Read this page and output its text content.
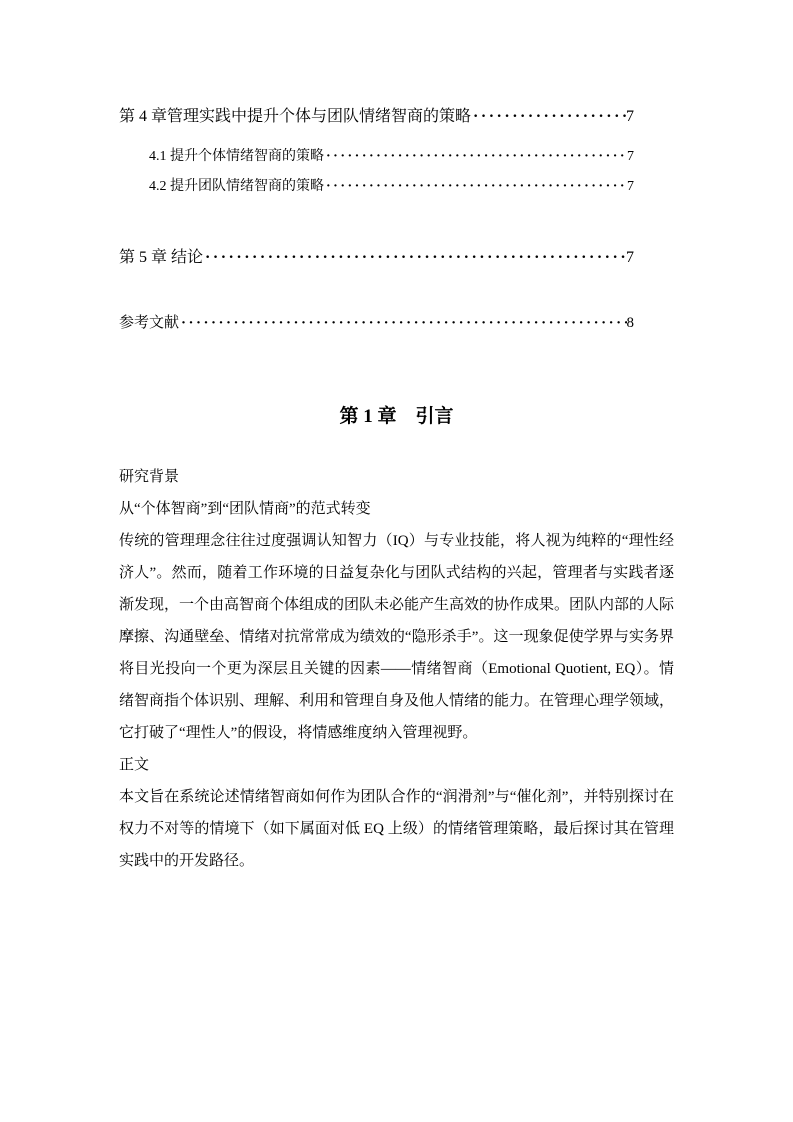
第 4 章管理实践中提升个体与团队情绪智商的策略 ·····	7
4.1 提升个体情绪智商的策略 ·····	7
4.2 提升团队情绪智商的策略 ·····	7
第 5 章 结论 ·····	7
参考文献 ·····	8
第 1 章　引言

研究背景

从“个体智商”到“团队情商”的范式转变

传统的管理理念往往过度强调认知智力（IQ）与专业技能，将人视为纯粹的“理性经济人”。然而，随着工作环境的日益复杂化与团队式结构的兴起，管理者与实践者逐渐发现，一个由高智商个体组成的团队未必能产生高效的协作成果。团队内部的人际摩擦、沟通壁垒、情绪对抗常常成为绩效的“隐形杀手”。这一现象促使学界与实务界将目光投向一个更为深层且关键的因素——情绪智商（Emotional Quotient, EQ）。情绪智商指个体识别、理解、利用和管理自身及他人情绪的能力。在管理心理学领域，它打破了“理性人”的假设，将情感维度纳入管理视野。

正文

本文旨在系统论述情绪智商如何作为团队合作的“润滑剂”与“催化剂”，并特别探讨在权力不对等的情境下（如下属面对低 EQ 上级）的情绪管理策略，最后探讨其在管理实践中的开发路径。
